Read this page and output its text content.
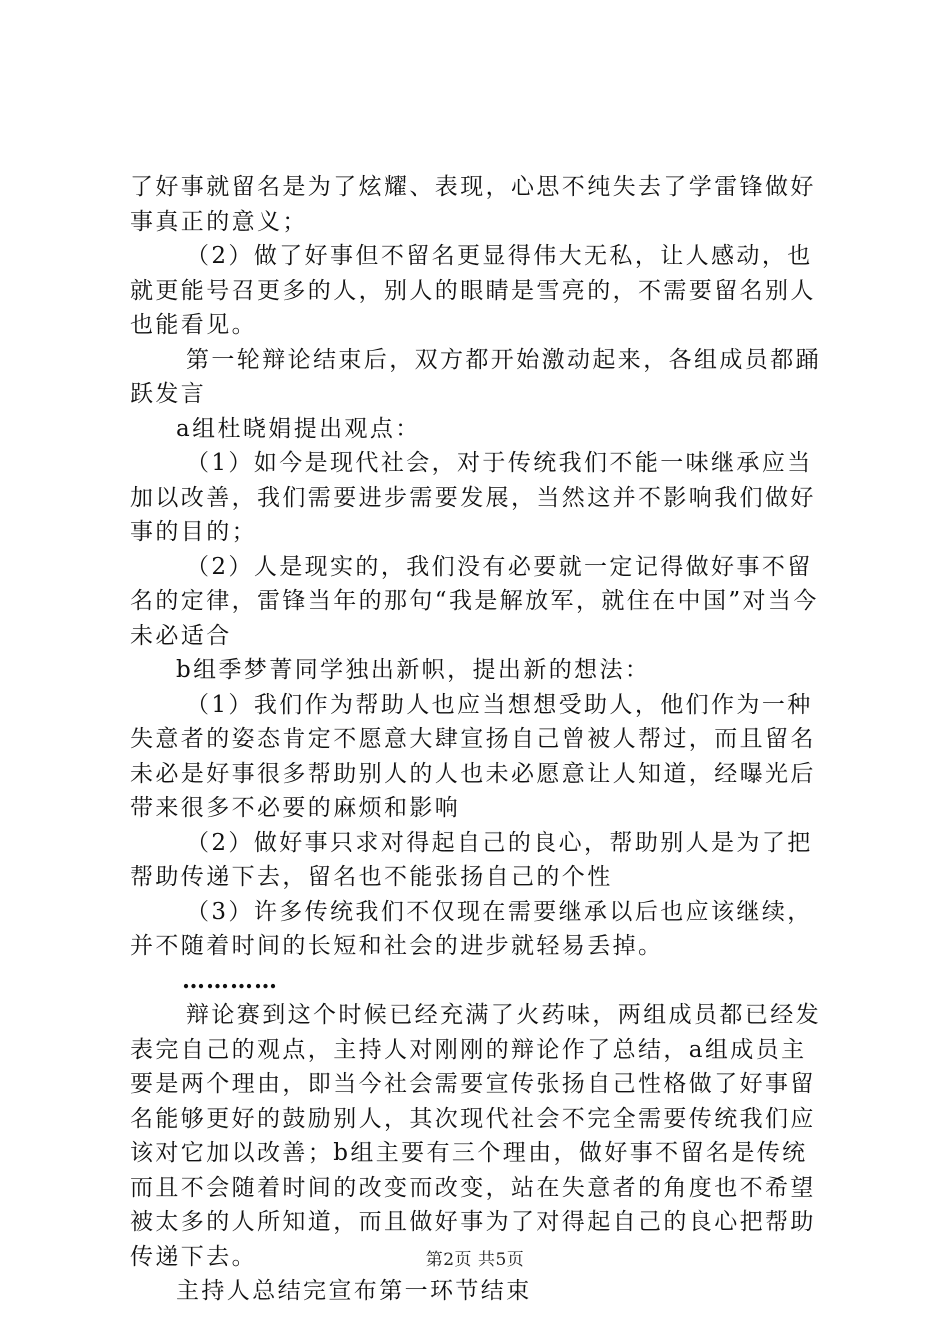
了好事就留名是为了炫耀、表现，心思不纯失去了学雷锋做好事真正的意义；

（2）做了好事但不留名更显得伟大无私，让人感动，也就更能号召更多的人，别人的眼睛是雪亮的，不需要留名别人也能看见。

第一轮辩论结束后，双方都开始激动起来，各组成员都踊跃发言

a组杜晓娟提出观点：

（1）如今是现代社会，对于传统我们不能一味继承应当加以改善，我们需要进步需要发展，当然这并不影响我们做好事的目的；

（2）人是现实的，我们没有必要就一定记得做好事不留名的定律，雷锋当年的那句“我是解放军，就住在中国”对当今未必适合

b组季梦菁同学独出新帜，提出新的想法：

（1）我们作为帮助人也应当想想受助人，他们作为一种失意者的姿态肯定不愿意大肆宣扬自己曾被人帮过，而且留名未必是好事很多帮助别人的人也未必愿意让人知道，经曝光后带来很多不必要的麻烦和影响

（2）做好事只求对得起自己的良心，帮助别人是为了把帮助传递下去，留名也不能张扬自己的个性

（3）许多传统我们不仅现在需要继承以后也应该继续，并不随着时间的长短和社会的进步就轻易丢掉。

…………

辩论赛到这个时候已经充满了火药味，两组成员都已经发表完自己的观点，主持人对刚刚的辩论作了总结，a组成员主要是两个理由，即当今社会需要宣传张扬自己性格做了好事留名能够更好的鼓励别人，其次现代社会不完全需要传统我们应该对它加以改善；b组主要有三个理由，做好事不留名是传统而且不会随着时间的改变而改变，站在失意者的角度也不希望被太多的人所知道，而且做好事为了对得起自己的良心把帮助传递下去。

主持人总结完宣布第一环节结束

第2页 共5页
